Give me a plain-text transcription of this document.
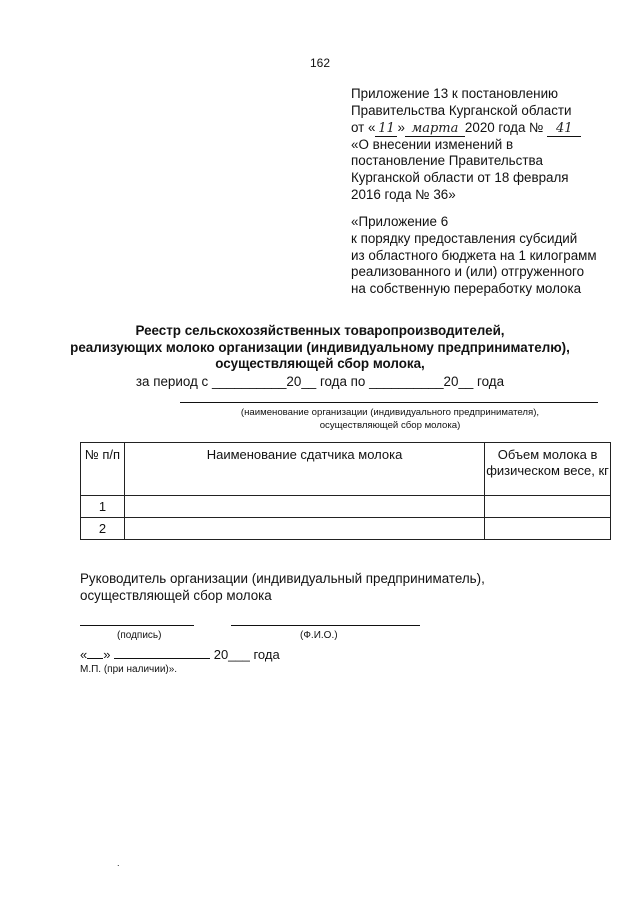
162
Приложение 13 к постановлению
Правительства Курганской области
от « 11 » марта 2020 года № 41
«О внесении изменений в
постановление Правительства
Курганской области от 18 февраля
2016 года № 36»
«Приложение 6
к порядку предоставления субсидий
из областного бюджета на 1 килограмм
реализованного и (или) отгруженного
на собственную переработку молока
Реестр сельскохозяйственных товаропроизводителей,
реализующих молоко организации (индивидуальному предпринимателю),
осуществляющей сбор молока,
за период с __________20__ года по __________20__ года
(наименование организации (индивидуального предпринимателя),
осуществляющей сбор молока)
№ п/п	Наименование сдатчика молока	Объем молока в физическом весе, кг
1		
2		
Руководитель организации (индивидуальный предприниматель),
осуществляющей сбор молока
(подпись)	(Ф.И.О.)
« »	20___ года
М.П. (при наличии)».
.
